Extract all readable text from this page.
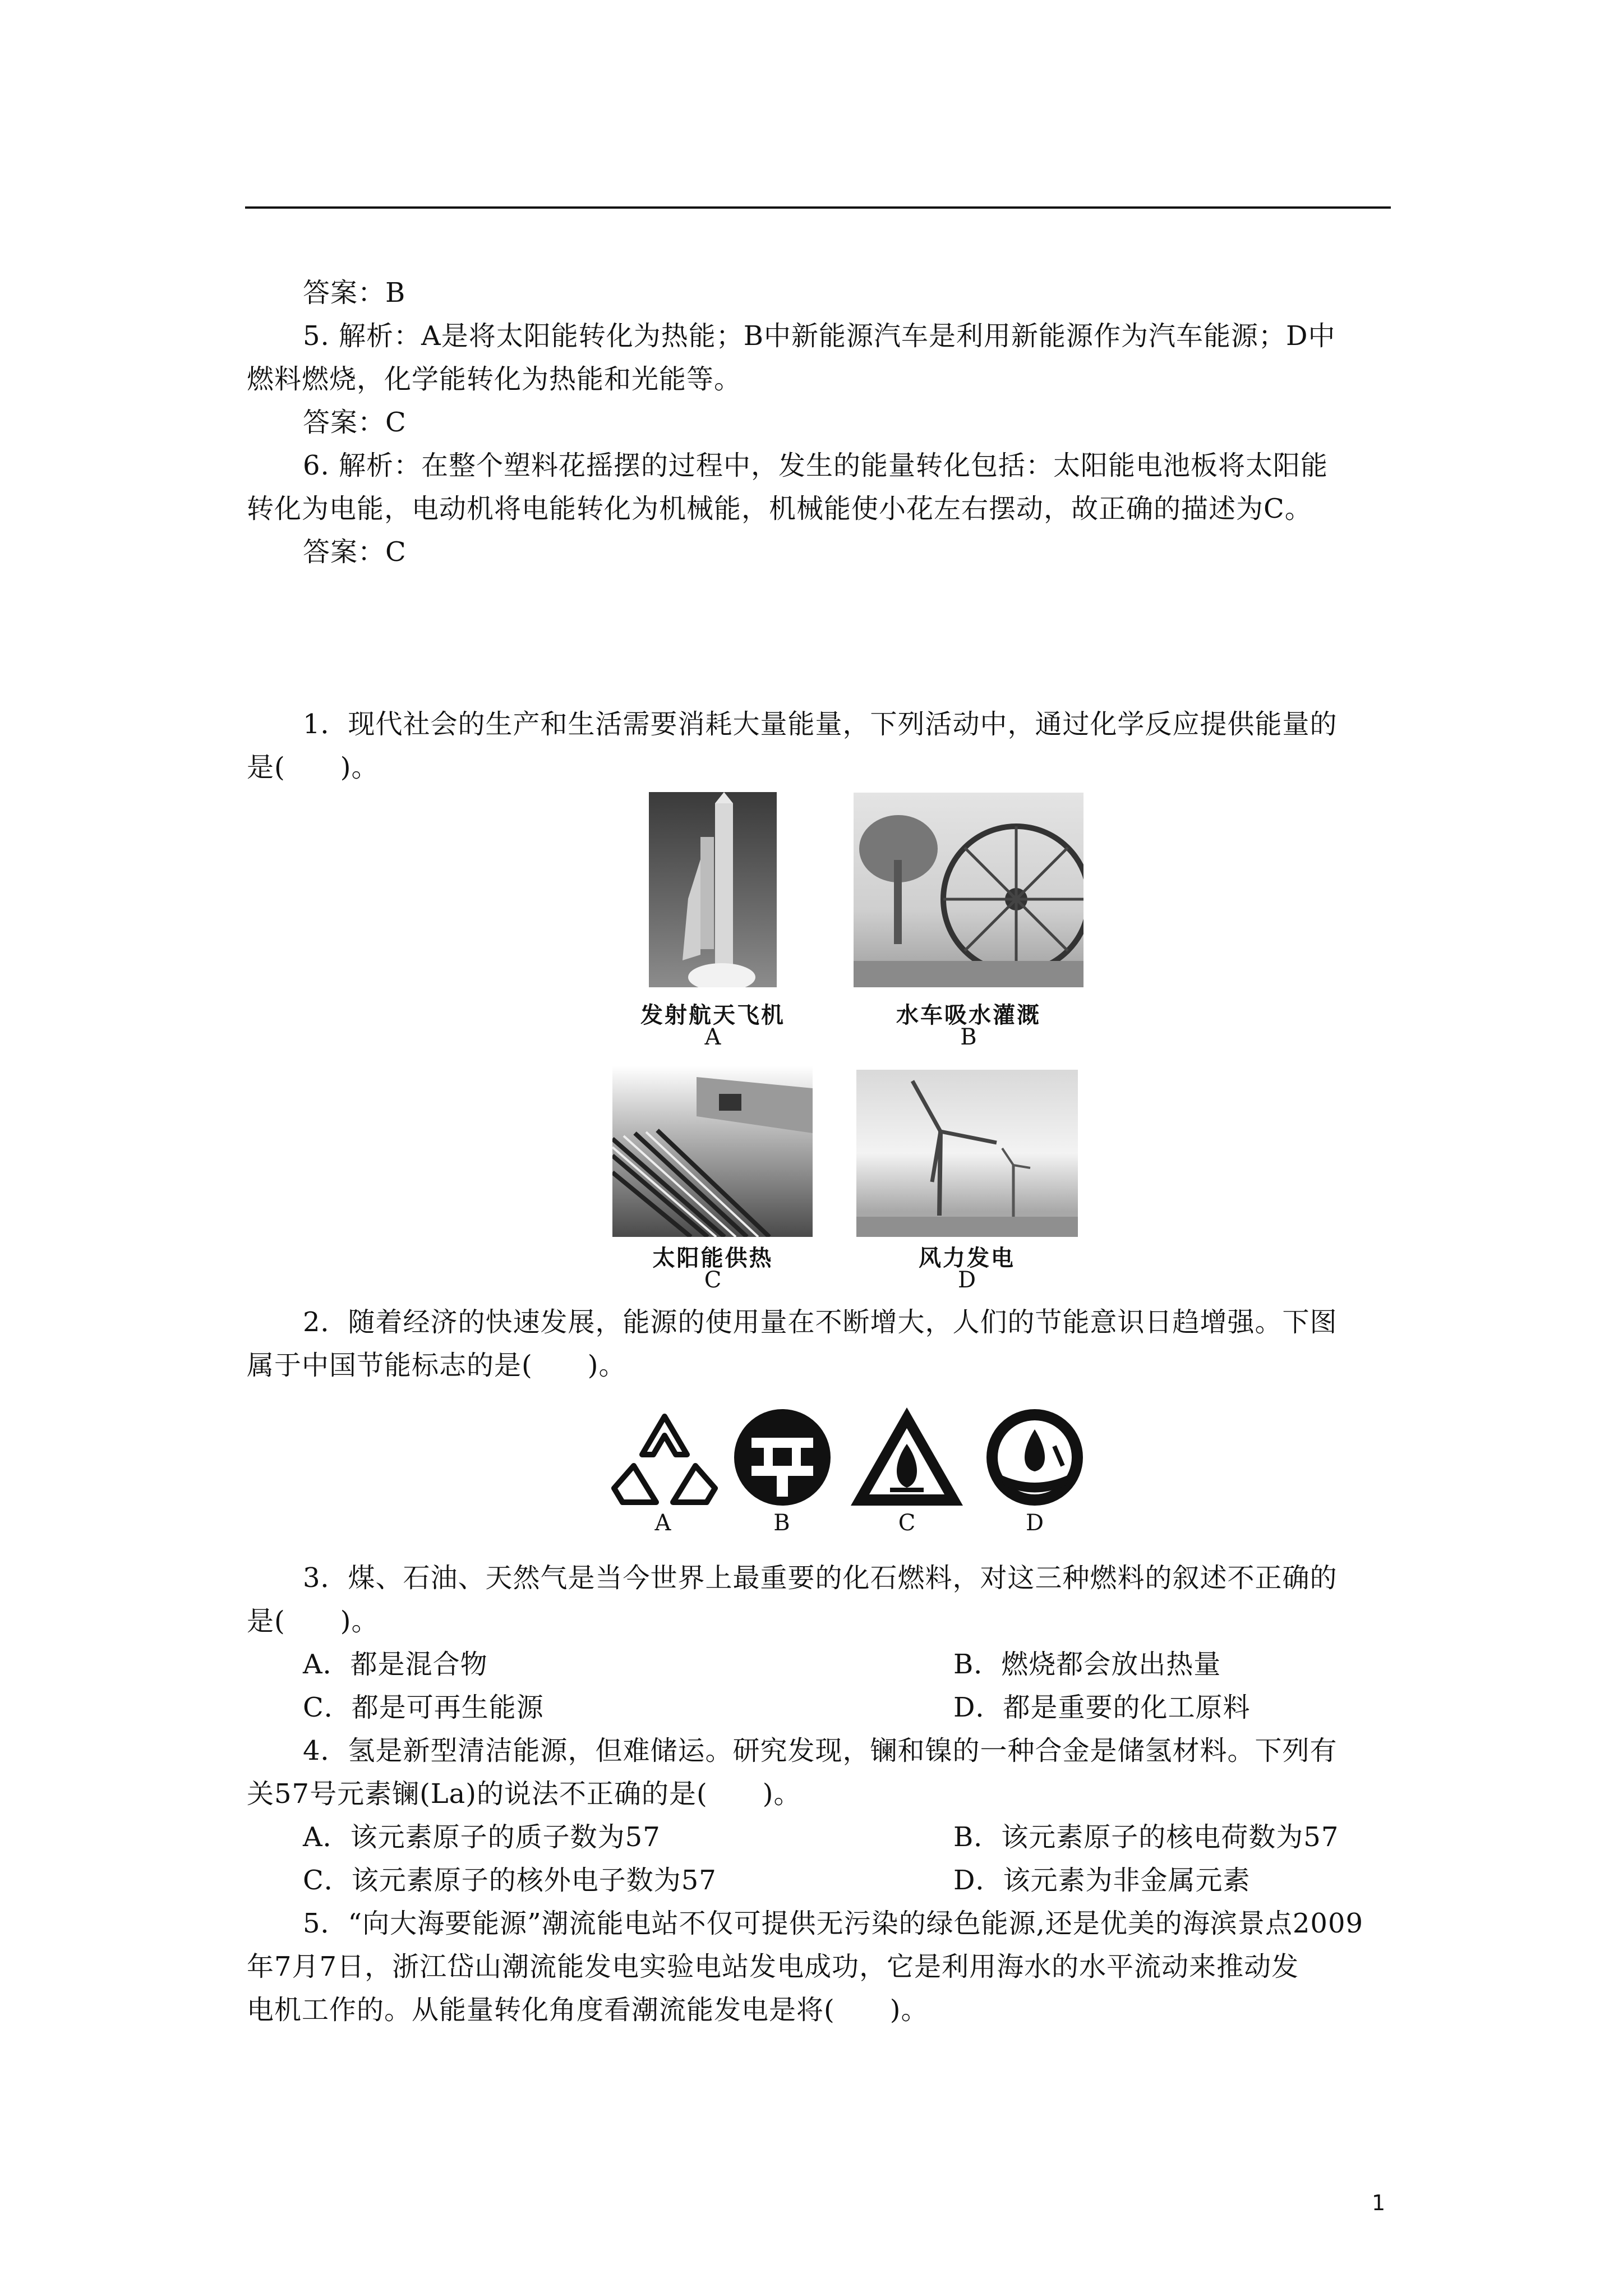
答案：B
5. 解析：A是将太阳能转化为热能；B中新能源汽车是利用新能源作为汽车能源；D中
燃料燃烧，化学能转化为热能和光能等。
答案：C
6. 解析：在整个塑料花摇摆的过程中，发生的能量转化包括：太阳能电池板将太阳能
转化为电能，电动机将电能转化为机械能，机械能使小花左右摆动，故正确的描述为C。
答案：C
1．现代社会的生产和生活需要消耗大量能量，下列活动中，通过化学反应提供能量的
是(　　)。
发射航天飞机
A
水车吸水灌溉
B
太阳能供热
C
风力发电
D
2．随着经济的快速发展，能源的使用量在不断增大，人们的节能意识日趋增强。下图
属于中国节能标志的是(　　)。
A	B	C	D
3．煤、石油、天然气是当今世界上最重要的化石燃料，对这三种燃料的叙述不正确的
是(　　)。
A．都是混合物	B．燃烧都会放出热量
C．都是可再生能源	D．都是重要的化工原料
4．氢是新型清洁能源，但难储运。研究发现，镧和镍的一种合金是储氢材料。下列有
关57号元素镧(La)的说法不正确的是(　　)。
A．该元素原子的质子数为57	B．该元素原子的核电荷数为57
C．该元素原子的核外电子数为57	D．该元素为非金属元素
5．“向大海要能源”潮流能电站不仅可提供无污染的绿色能源,还是优美的海滨景点2009
年7月7日，浙江岱山潮流能发电实验电站发电成功，它是利用海水的水平流动来推动发
电机工作的。从能量转化角度看潮流能发电是将(　　)。
1
